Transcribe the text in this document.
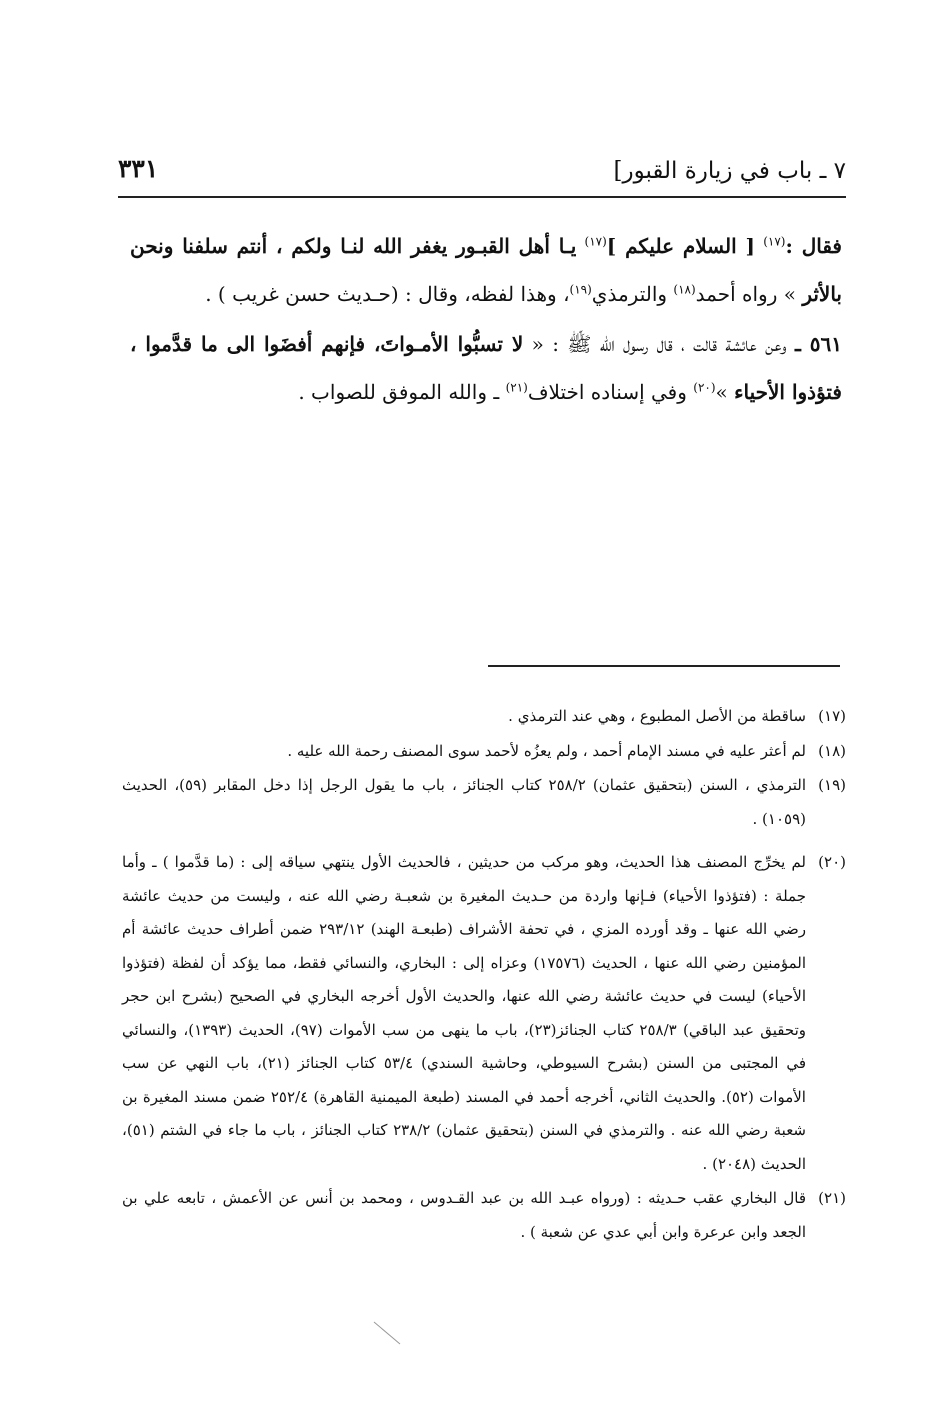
٧ ـ باب في زيارة القبور]
٣٣١

فقال :$^{(١٧)}$ [ السلام عليكم ]$^{(١٧)}$ يـا أهل القبـور يغفر الله لنـا ولكم ، أنتم سلفنا ونحن بالأثر » رواه أحمد$^{(١٨)}$ والترمذي$^{(١٩)}$، وهذا لفظه، وقال : (حـديث حسن غريب ) .

٥٦١ ـ وعن عائشة قالت ، قال رسول الله ﷺ : « لا تسبُّوا الأمـواتَ، فإنهم أفضَوا الى ما قدَّموا ، فتؤذوا الأحياء »$^{(٢٠)}$ وفي إسناده اختلاف$^{(٢١)}$ ـ والله الموفق للصواب .

(١٧)
ساقطة من الأصل المطبوع ، وهي عند الترمذي .
(١٨)
لم أعثر عليه في مسند الإمام أحمد ، ولم يعزُه لأحمد سوى المصنف رحمة الله عليه .
(١٩)
الترمذي ، السنن (بتحقيق عثمان) ٢٥٨/٢ كتاب الجنائز ، باب ما يقول الرجل إذا دخل المقابر (٥٩)، الحديث (١٠٥٩) .
(٢٠)
لم يخرِّج المصنف هذا الحديث، وهو مركب من حديثين ، فالحديث الأول ينتهي سياقه إلى : (ما قدَّموا ) ـ وأما جملة : (فتؤذوا الأحياء) فـإنها واردة من حـديث المغيرة بن شعبـة رضي الله عنه ، وليست من حديث عائشة رضي الله عنها ـ وقد أورده المزي ، في تحفة الأشراف (طبعـة الهند) ٢٩٣/١٢ ضمن أطراف حديث عائشة أم المؤمنين رضي الله عنها ، الحديث (١٧٥٧٦) وعزاه إلى : البخاري، والنسائي فقط، مما يؤكد أن لفظة (فتؤذوا الأحياء) ليست في حديث عائشة رضي الله عنها، والحديث الأول أخرجه البخاري في الصحيح (بشرح ابن حجر وتحقيق عبد الباقي) ٢٥٨/٣ كتاب الجنائز(٢٣)، باب ما ينهى من سب الأموات (٩٧)، الحديث (١٣٩٣)، والنسائي في المجتبى من السنن (بشرح السيوطي، وحاشية السندي) ٥٣/٤ كتاب الجنائز (٢١)، باب النهي عن سب الأموات (٥٢). والحديث الثاني، أخرجه أحمد في المسند (طبعة الميمنية القاهرة) ٢٥٢/٤ ضمن مسند المغيرة بن شعبة رضي الله عنه . والترمذي في السنن (بتحقيق عثمان) ٢٣٨/٢ كتاب الجنائز ، باب ما جاء في الشتم (٥١)، الحديث (٢٠٤٨) .
(٢١)
قال البخاري عقب حـديثه : (ورواه عبـد الله بن عبد القـدوس ، ومحمد بن أنس عن الأعمش ، تابعه علي بن الجعد وابن عرعرة وابن أبي عدي عن شعبة ) .
